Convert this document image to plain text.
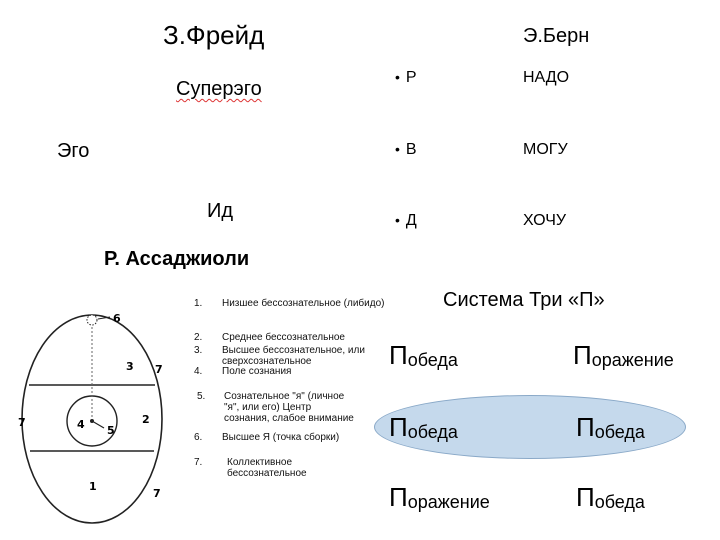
З.Фрейд
Суперэго
Эго
Ид
Э.Берн
• Р	НАДО
• В	МОГУ
• Д	ХОЧУ
Р. Ассаджиоли
6
3 7
7	4 5
2
1
7
1. Низшее бессознательное (либидо)
2. Среднее бессознательное
3. Высшее бессознательное, или сверхсознательное
4. Поле сознания
5. Сознательное "я" (личное "я", или его) Центр сознания, слабое внимание
6. Высшее Я (точка сборки)
7. Коллективное бессознательное
Система Три «П»
Победа	Поражение
Победа	Победа
Поражение	Победа
